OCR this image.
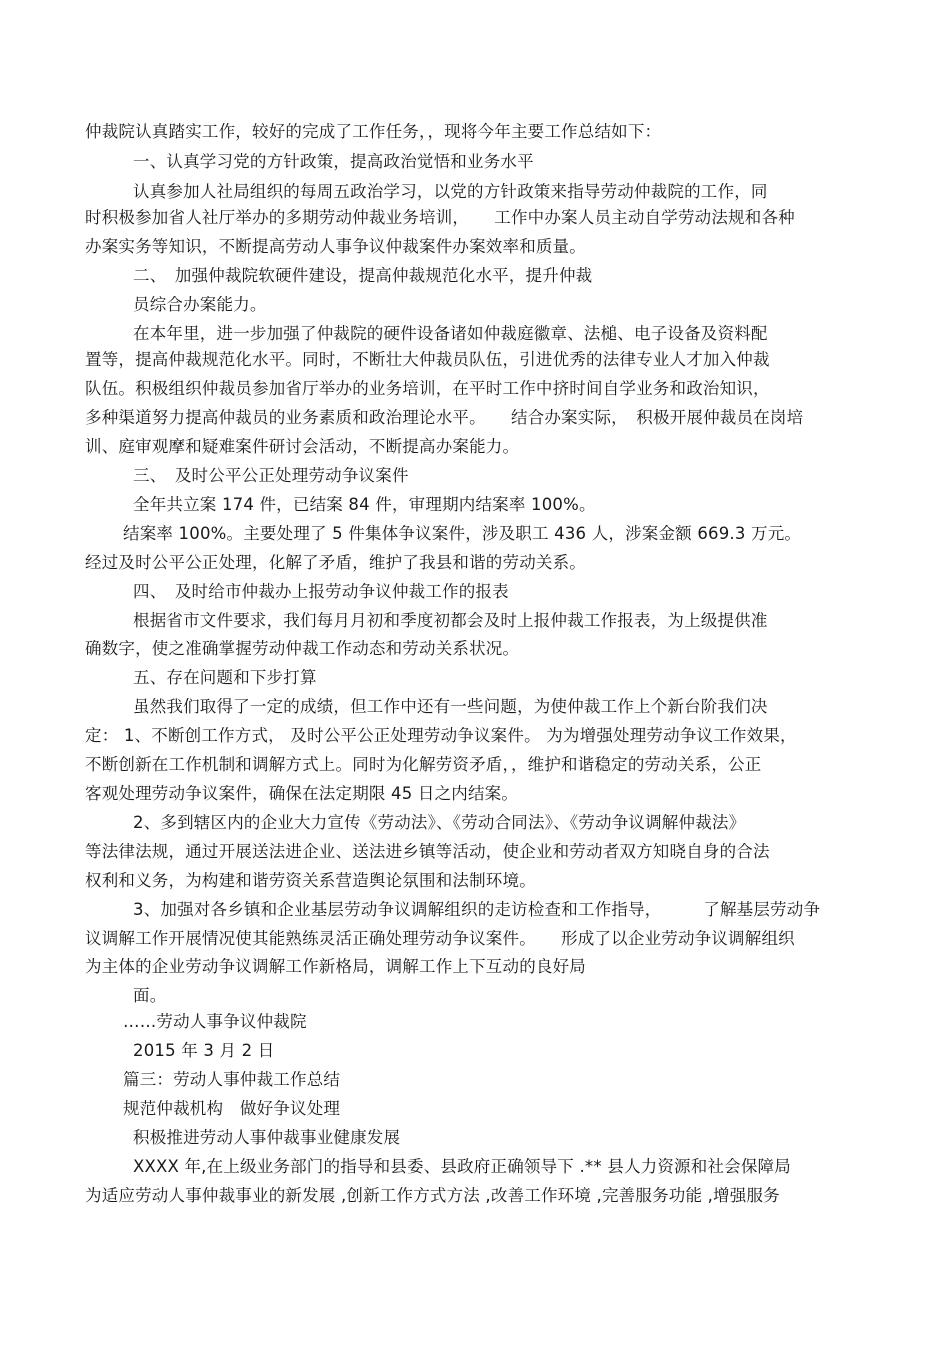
仲裁院认真踏实工作，较好的完成了工作任务，，现将今年主要工作总结如下：
一、认真学习党的方针政策，提高政治觉悟和业务水平
认真参加人社局组织的每周五政治学习，以党的方针政策来指导劳动仲裁院的工作，同
时积极参加省人社厅举办的多期劳动仲裁业务培训，　　工作中办案人员主动自学劳动法规和各种
办案实务等知识，不断提高劳动人事争议仲裁案件办案效率和质量。
二、　加强仲裁院软硬件建设，提高仲裁规范化水平，提升仲裁
员综合办案能力。
在本年里，进一步加强了仲裁院的硬件设备诸如仲裁庭徽章、法槌、电子设备及资料配
置等，提高仲裁规范化水平。同时，不断壮大仲裁员队伍，引进优秀的法律专业人才加入仲裁
队伍。积极组织仲裁员参加省厅举办的业务培训，在平时工作中挤时间自学业务和政治知识，
多种渠道努力提高仲裁员的业务素质和政治理论水平。　　结合办案实际，　积极开展仲裁员在岗培
训、庭审观摩和疑难案件研讨会活动，不断提高办案能力。
三、　及时公平公正处理劳动争议案件
全年共立案 174 件，已结案 84 件，审理期内结案率 100%。
结案率 100%。主要处理了 5 件集体争议案件，涉及职工 436 人，涉案金额 669.3 万元。
经过及时公平公正处理，化解了矛盾，维护了我县和谐的劳动关系。
四、　及时给市仲裁办上报劳动争议仲裁工作的报表
根据省市文件要求，我们每月月初和季度初都会及时上报仲裁工作报表，为上级提供准
确数字，使之准确掌握劳动仲裁工作动态和劳动关系状况。
五、存在问题和下步打算
虽然我们取得了一定的成绩，但工作中还有一些问题，为使仲裁工作上个新台阶我们决
定： 1、不断创工作方式， 及时公平公正处理劳动争议案件。 为为增强处理劳动争议工作效果，
不断创新在工作机制和调解方式上。同时为化解劳资矛盾，，维护和谐稳定的劳动关系，公正
客观处理劳动争议案件，确保在法定期限 45 日之内结案。
2、多到辖区内的企业大力宣传《劳动法》、《劳动合同法》、《劳动争议调解仲裁法》
等法律法规，通过开展送法进企业、送法进乡镇等活动，使企业和劳动者双方知晓自身的合法
权利和义务，为构建和谐劳资关系营造舆论氛围和法制环境。
3、加强对各乡镇和企业基层劳动争议调解组织的走访检查和工作指导，　　　了解基层劳动争
议调解工作开展情况使其能熟练灵活正确处理劳动争议案件。　　形成了以企业劳动争议调解组织
为主体的企业劳动争议调解工作新格局，调解工作上下互动的良好局
面。
……劳动人事争议仲裁院
2015 年 3 月 2 日
篇三：劳动人事仲裁工作总结
规范仲裁机构　做好争议处理
积极推进劳动人事仲裁事业健康发展
XXXX 年,在上级业务部门的指导和县委、县政府正确领导下 .** 县人力资源和社会保障局
为适应劳动人事仲裁事业的新发展 ,创新工作方式方法 ,改善工作环境 ,完善服务功能 ,增强服务
